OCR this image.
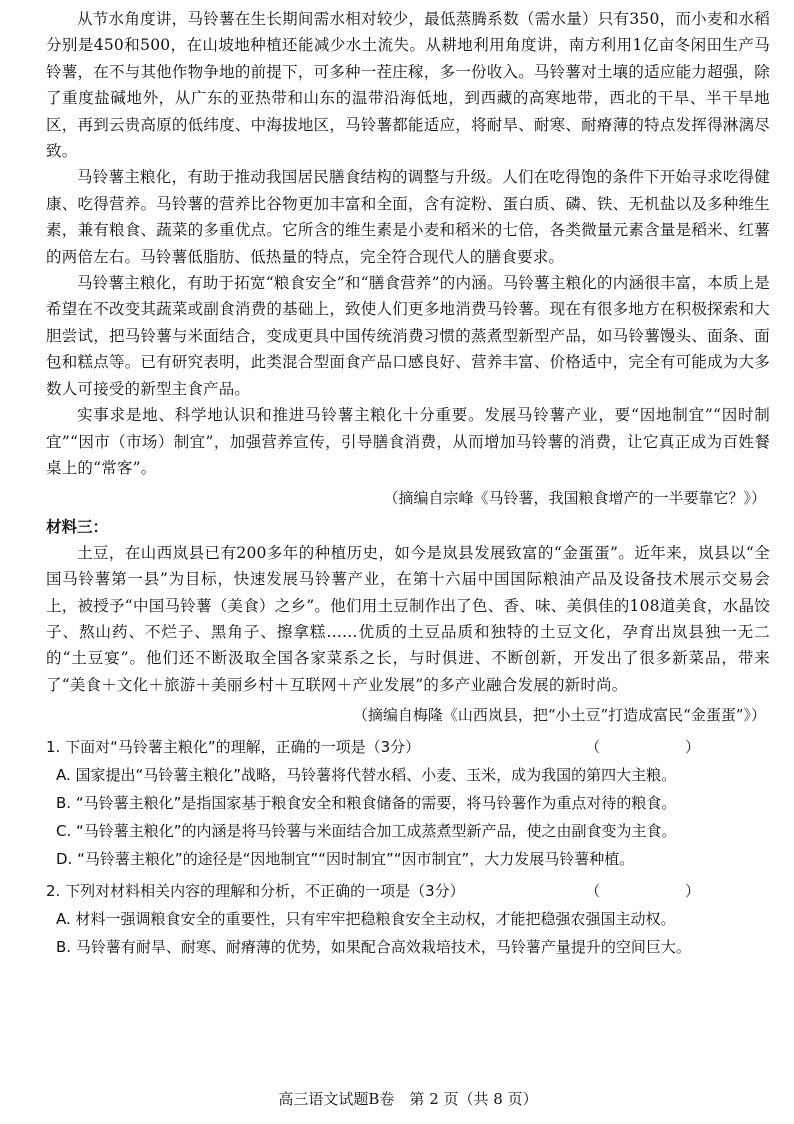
从节水角度讲，马铃薯在生长期间需水相对较少，最低蒸腾系数（需水量）只有350，而小麦和水稻分别是450和500，在山坡地种植还能减少水土流失。从耕地利用角度讲，南方利用1亿亩冬闲田生产马铃薯，在不与其他作物争地的前提下，可多种一茬庄稼，多一份收入。马铃薯对土壤的适应能力超强，除了重度盐碱地外，从广东的亚热带和山东的温带沿海低地，到西藏的高寒地带，西北的干旱、半干旱地区，再到云贵高原的低纬度、中海拔地区，马铃薯都能适应，将耐旱、耐寒、耐瘠薄的特点发挥得淋漓尽致。

马铃薯主粮化，有助于推动我国居民膳食结构的调整与升级。人们在吃得饱的条件下开始寻求吃得健康、吃得营养。马铃薯的营养比谷物更加丰富和全面，含有淀粉、蛋白质、磷、铁、无机盐以及多种维生素，兼有粮食、蔬菜的多重优点。它所含的维生素是小麦和稻米的七倍，各类微量元素含量是稻米、红薯的两倍左右。马铃薯低脂肪、低热量的特点，完全符合现代人的膳食要求。

马铃薯主粮化，有助于拓宽“粮食安全”和“膳食营养”的内涵。马铃薯主粮化的内涵很丰富，本质上是希望在不改变其蔬菜或副食消费的基础上，致使人们更多地消费马铃薯。现在有很多地方在积极探索和大胆尝试，把马铃薯与米面结合，变成更具中国传统消费习惯的蒸煮型新型产品，如马铃薯馒头、面条、面包和糕点等。已有研究表明，此类混合型面食产品口感良好、营养丰富、价格适中，完全有可能成为大多数人可接受的新型主食产品。

实事求是地、科学地认识和推进马铃薯主粮化十分重要。发展马铃薯产业，要“因地制宜”“因时制宜”“因市（市场）制宜”，加强营养宣传，引导膳食消费，从而增加马铃薯的消费，让它真正成为百姓餐桌上的“常客”。

（摘编自宗峰《马铃薯，我国粮食增产的一半要靠它？》）
材料三：

土豆，在山西岚县已有200多年的种植历史，如今是岚县发展致富的“金蛋蛋”。近年来，岚县以“全国马铃薯第一县”为目标，快速发展马铃薯产业，在第十六届中国国际粮油产品及设备技术展示交易会上，被授予“中国马铃薯（美食）之乡”。他们用土豆制作出了色、香、味、美俱佳的108道美食，水晶饺子、熬山药、不烂子、黑角子、擦拿糕……优质的土豆品质和独特的土豆文化，孕育出岚县独一无二的“土豆宴”。他们还不断汲取全国各家菜系之长，与时俱进、不断创新，开发出了很多新菜品，带来了“美食＋文化＋旅游＋美丽乡村＋互联网＋产业发展”的多产业融合发展的新时尚。

（摘编自梅隆《山西岚县，把“小土豆”打造成富民“金蛋蛋”》）
1. 下面对“马铃薯主粮化”的理解，正确的一项是（3分）	（ ）
A. 国家提出“马铃薯主粮化”战略，马铃薯将代替水稻、小麦、玉米，成为我国的第四大主粮。
B. “马铃薯主粮化”是指国家基于粮食安全和粮食储备的需要，将马铃薯作为重点对待的粮食。
C. “马铃薯主粮化”的内涵是将马铃薯与米面结合加工成蒸煮型新产品，使之由副食变为主食。
D. “马铃薯主粮化”的途径是“因地制宜”“因时制宜”“因市制宜”，大力发展马铃薯种植。
2. 下列对材料相关内容的理解和分析，不正确的一项是（3分）	（ ）
A. 材料一强调粮食安全的重要性，只有牢牢把稳粮食安全主动权，才能把稳强农强国主动权。
B. 马铃薯有耐旱、耐寒、耐瘠薄的优势，如果配合高效栽培技术，马铃薯产量提升的空间巨大。
高三语文试题B卷　第 2 页（共 8 页）
